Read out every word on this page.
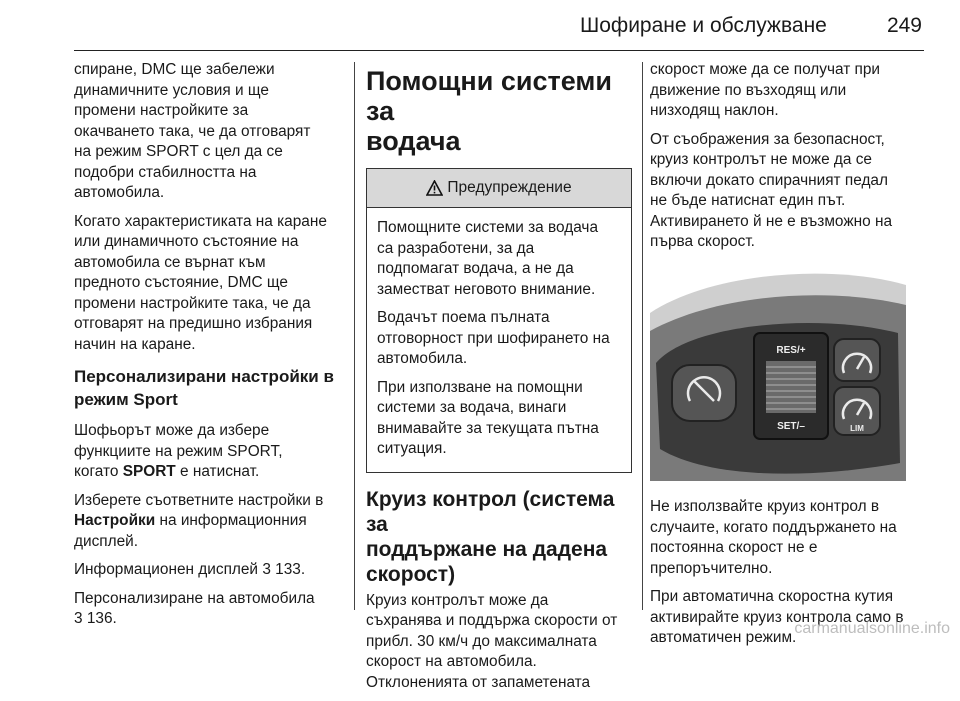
Шофиране и обслужване	249

спиране, DMC ще забележи
динамичните условия и ще
промени настройките за
окачването така, че да отговарят
на режим SPORT с цел да се
подобри стабилността на
автомобила.

Когато характеристиката на каране
или динамичното състояние на
автомобила се върнат към
предното състояние, DMC ще
промени настройките така, че да
отговарят на предишно избрания
начин на каране.

Персонализирани настройки в
режим Sport

Шофьорът може да избере
функциите на режим SPORT,
когато SPORT е натиснат.

Изберете съответните настройки в
Настройки на информационния
дисплей.

Информационен дисплей 3 133.

Персонализиране на автомобила
3 136.

Помощни системи за
водача
Предупреждение

Помощните системи за водача
са разработени, за да
подпомагат водача, а не да
заместват неговото внимание.

Водачът поема пълната
отговорност при шофирането на
автомобила.

При използване на помощни
системи за водача, винаги
внимавайте за текущата пътна
ситуация.

Круиз контрол (система за
поддържане на дадена
скорост)

Круиз контролът може да
съхранява и поддържа скорости от
прибл. 30 км/ч до максималната
скорост на автомобила.
Отклоненията от запаметената

скорост може да се получат при
движение по възходящ или
низходящ наклон.

От съображения за безопасност,
круиз контролът не може да се
включи докато спирачният педал
не бъде натиснат един път.
Активирането й не е възможно на
първа скорост.

RES/+
SET/–	LIM

Не използвайте круиз контрол в
случаите, когато поддържането на
постоянна скорост не е
препоръчително.

При автоматична скоростна кутия
активирайте круиз контрола само в
автоматичен режим.

carmanualsonline.info
